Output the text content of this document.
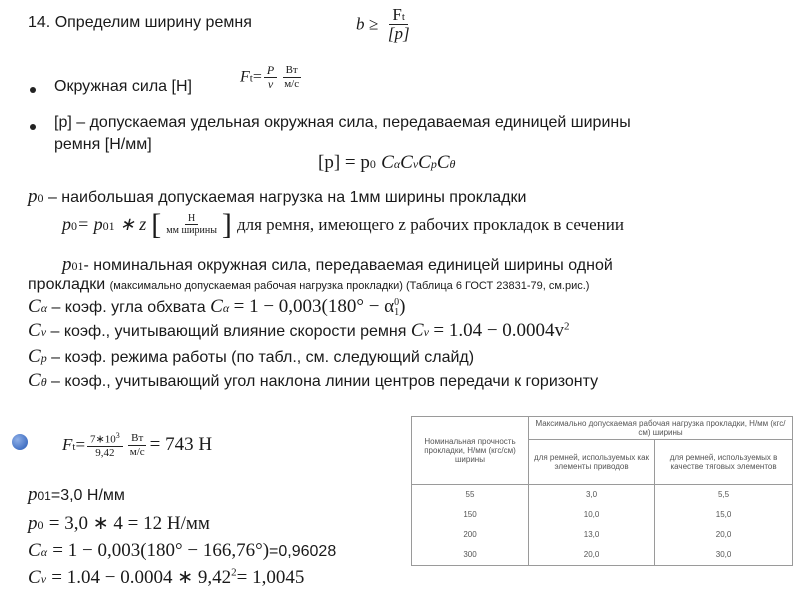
14. Определим ширину ремня	$b \ge \frac{Ft}{[p]}$
Окружная сила [H]
$Ft= \frac{P}{v} \frac{Вт}{м/с}$
[p] – допускаемая удельная окружная сила, передаваемая единицей ширины
ремня [Н/мм]
[p] = p0 CαCvCpCθ
p0 – наибольшая допускаемая нагрузка на 1мм ширины прокладки
p0= p01 ∗ z [ $\frac{Н}{\text{мм ширины}}$ ] для ремня, имеющего z рабочих прокладок в сечении
p01- номинальная окружная сила, передаваемая единицей ширины одной
прокладки (максимально допускаемая рабочая нагрузка прокладки) (Таблица 6 ГОСТ 23831-79, см.рис.)
Cα – коэф. угла обхвата Cα = 1 − 0,003(180° − α 0
1 )
Cv – коэф., учитывающий влияние скорости ремня $Cv = 1.04 - 0.0004v^2$
Cp – коэф. режима работы (по табл., см. следующий слайд)
Cθ – коэф., учитывающий угол наклона линии центров передачи к горизонту
$Ft= \frac{7∗10^3}{9,42} \frac{Вт}{м/с} = 743$ Н
p01=3,0 Н/мм
p0 = 3,0 ∗ 4 = 12 Н/мм
Cα = 1 − 0,003(180° − 166,76°)=0,96028
Cv = 1.04 − 0.0004 ∗ $9,42^2= 1,0045$
Номинальная прочность прокладки, Н/мм (кгс/см) ширины	Максимально допускаемая рабочая нагрузка прокладки, Н/мм (кгс/см) ширины	
	для ремней, используемых как элементы приводов	для ремней, используемых в качестве тяговых элементов
55	3,0	5,5
150	10,0	15,0
200	13,0	20,0
300	20,0	30,0
